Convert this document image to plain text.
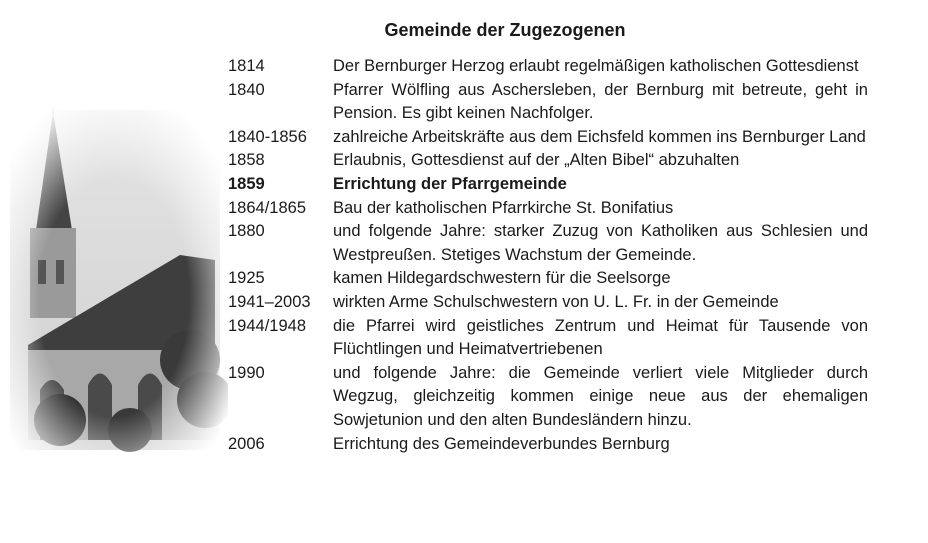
Gemeinde der Zugezogenen
1814	Der Bernburger Herzog erlaubt regelmäßigen katholischen Gottesdienst
1840	Pfarrer Wölfling aus Aschersleben, der Bernburg mit betreute, geht in Pension. Es gibt keinen Nachfolger.
1840-1856	zahlreiche Arbeitskräfte aus dem Eichsfeld kommen ins Bernburger Land
1858	Erlaubnis, Gottesdienst auf der „Alten Bibel“ abzuhalten
1859	Errichtung der Pfarrgemeinde
1864/1865	Bau der katholischen Pfarrkirche St. Bonifatius
1880	und folgende Jahre: starker Zuzug von Katholiken aus Schlesien und Westpreußen. Stetiges Wachstum der Gemeinde.
1925	kamen Hildegardschwestern für die Seelsorge
1941–2003	wirkten Arme Schulschwestern von U. L. Fr. in der Gemeinde
1944/1948	die Pfarrei wird geistliches Zentrum und Heimat für Tausende von Flüchtlingen und Heimatvertriebenen
1990	und folgende Jahre: die Gemeinde verliert viele Mitglieder durch Wegzug, gleichzeitig kommen einige neue aus der ehemaligen Sowjetunion und den alten Bundesländern hinzu.
2006	Errichtung des Gemeindeverbundes Bernburg
